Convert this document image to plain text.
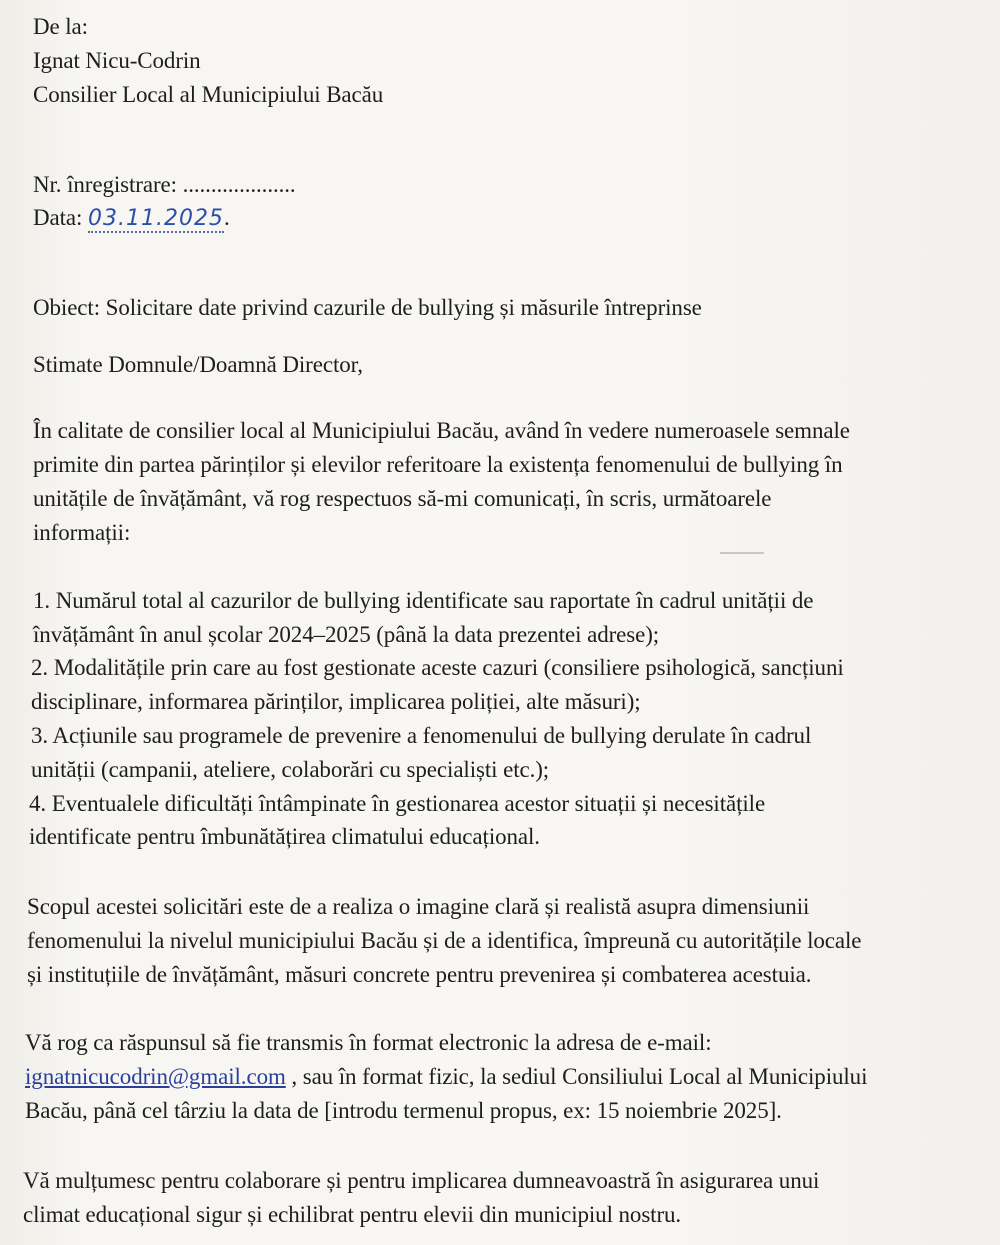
De la:
Ignat Nicu-Codrin
Consilier Local al Municipiului Bacău
Nr. înregistrare: ....................
Data: 03.11.2025.
Obiect: Solicitare date privind cazurile de bullying și măsurile întreprinse
Stimate Domnule/Doamnă Director,
În calitate de consilier local al Municipiului Bacău, având în vedere numeroasele semnale
primite din partea părinților și elevilor referitoare la existența fenomenului de bullying în
unitățile de învățământ, vă rog respectuos să-mi comunicați, în scris, următoarele
informații:
1. Numărul total al cazurilor de bullying identificate sau raportate în cadrul unității de
învățământ în anul școlar 2024–2025 (până la data prezentei adrese);
2. Modalitățile prin care au fost gestionate aceste cazuri (consiliere psihologică, sancțiuni
disciplinare, informarea părinților, implicarea poliției, alte măsuri);
3. Acțiunile sau programele de prevenire a fenomenului de bullying derulate în cadrul
unității (campanii, ateliere, colaborări cu specialiști etc.);
4. Eventualele dificultăți întâmpinate în gestionarea acestor situații și necesitățile
identificate pentru îmbunătățirea climatului educațional.
Scopul acestei solicitări este de a realiza o imagine clară și realistă asupra dimensiunii
fenomenului la nivelul municipiului Bacău și de a identifica, împreună cu autoritățile locale
și instituțiile de învățământ, măsuri concrete pentru prevenirea și combaterea acestuia.
Vă rog ca răspunsul să fie transmis în format electronic la adresa de e-mail:
ignatnicucodrin@gmail.com , sau în format fizic, la sediul Consiliului Local al Municipiului
Bacău, până cel târziu la data de [introdu termenul propus, ex: 15 noiembrie 2025].
Vă mulțumesc pentru colaborare și pentru implicarea dumneavoastră în asigurarea unui
climat educațional sigur și echilibrat pentru elevii din municipiul nostru.
